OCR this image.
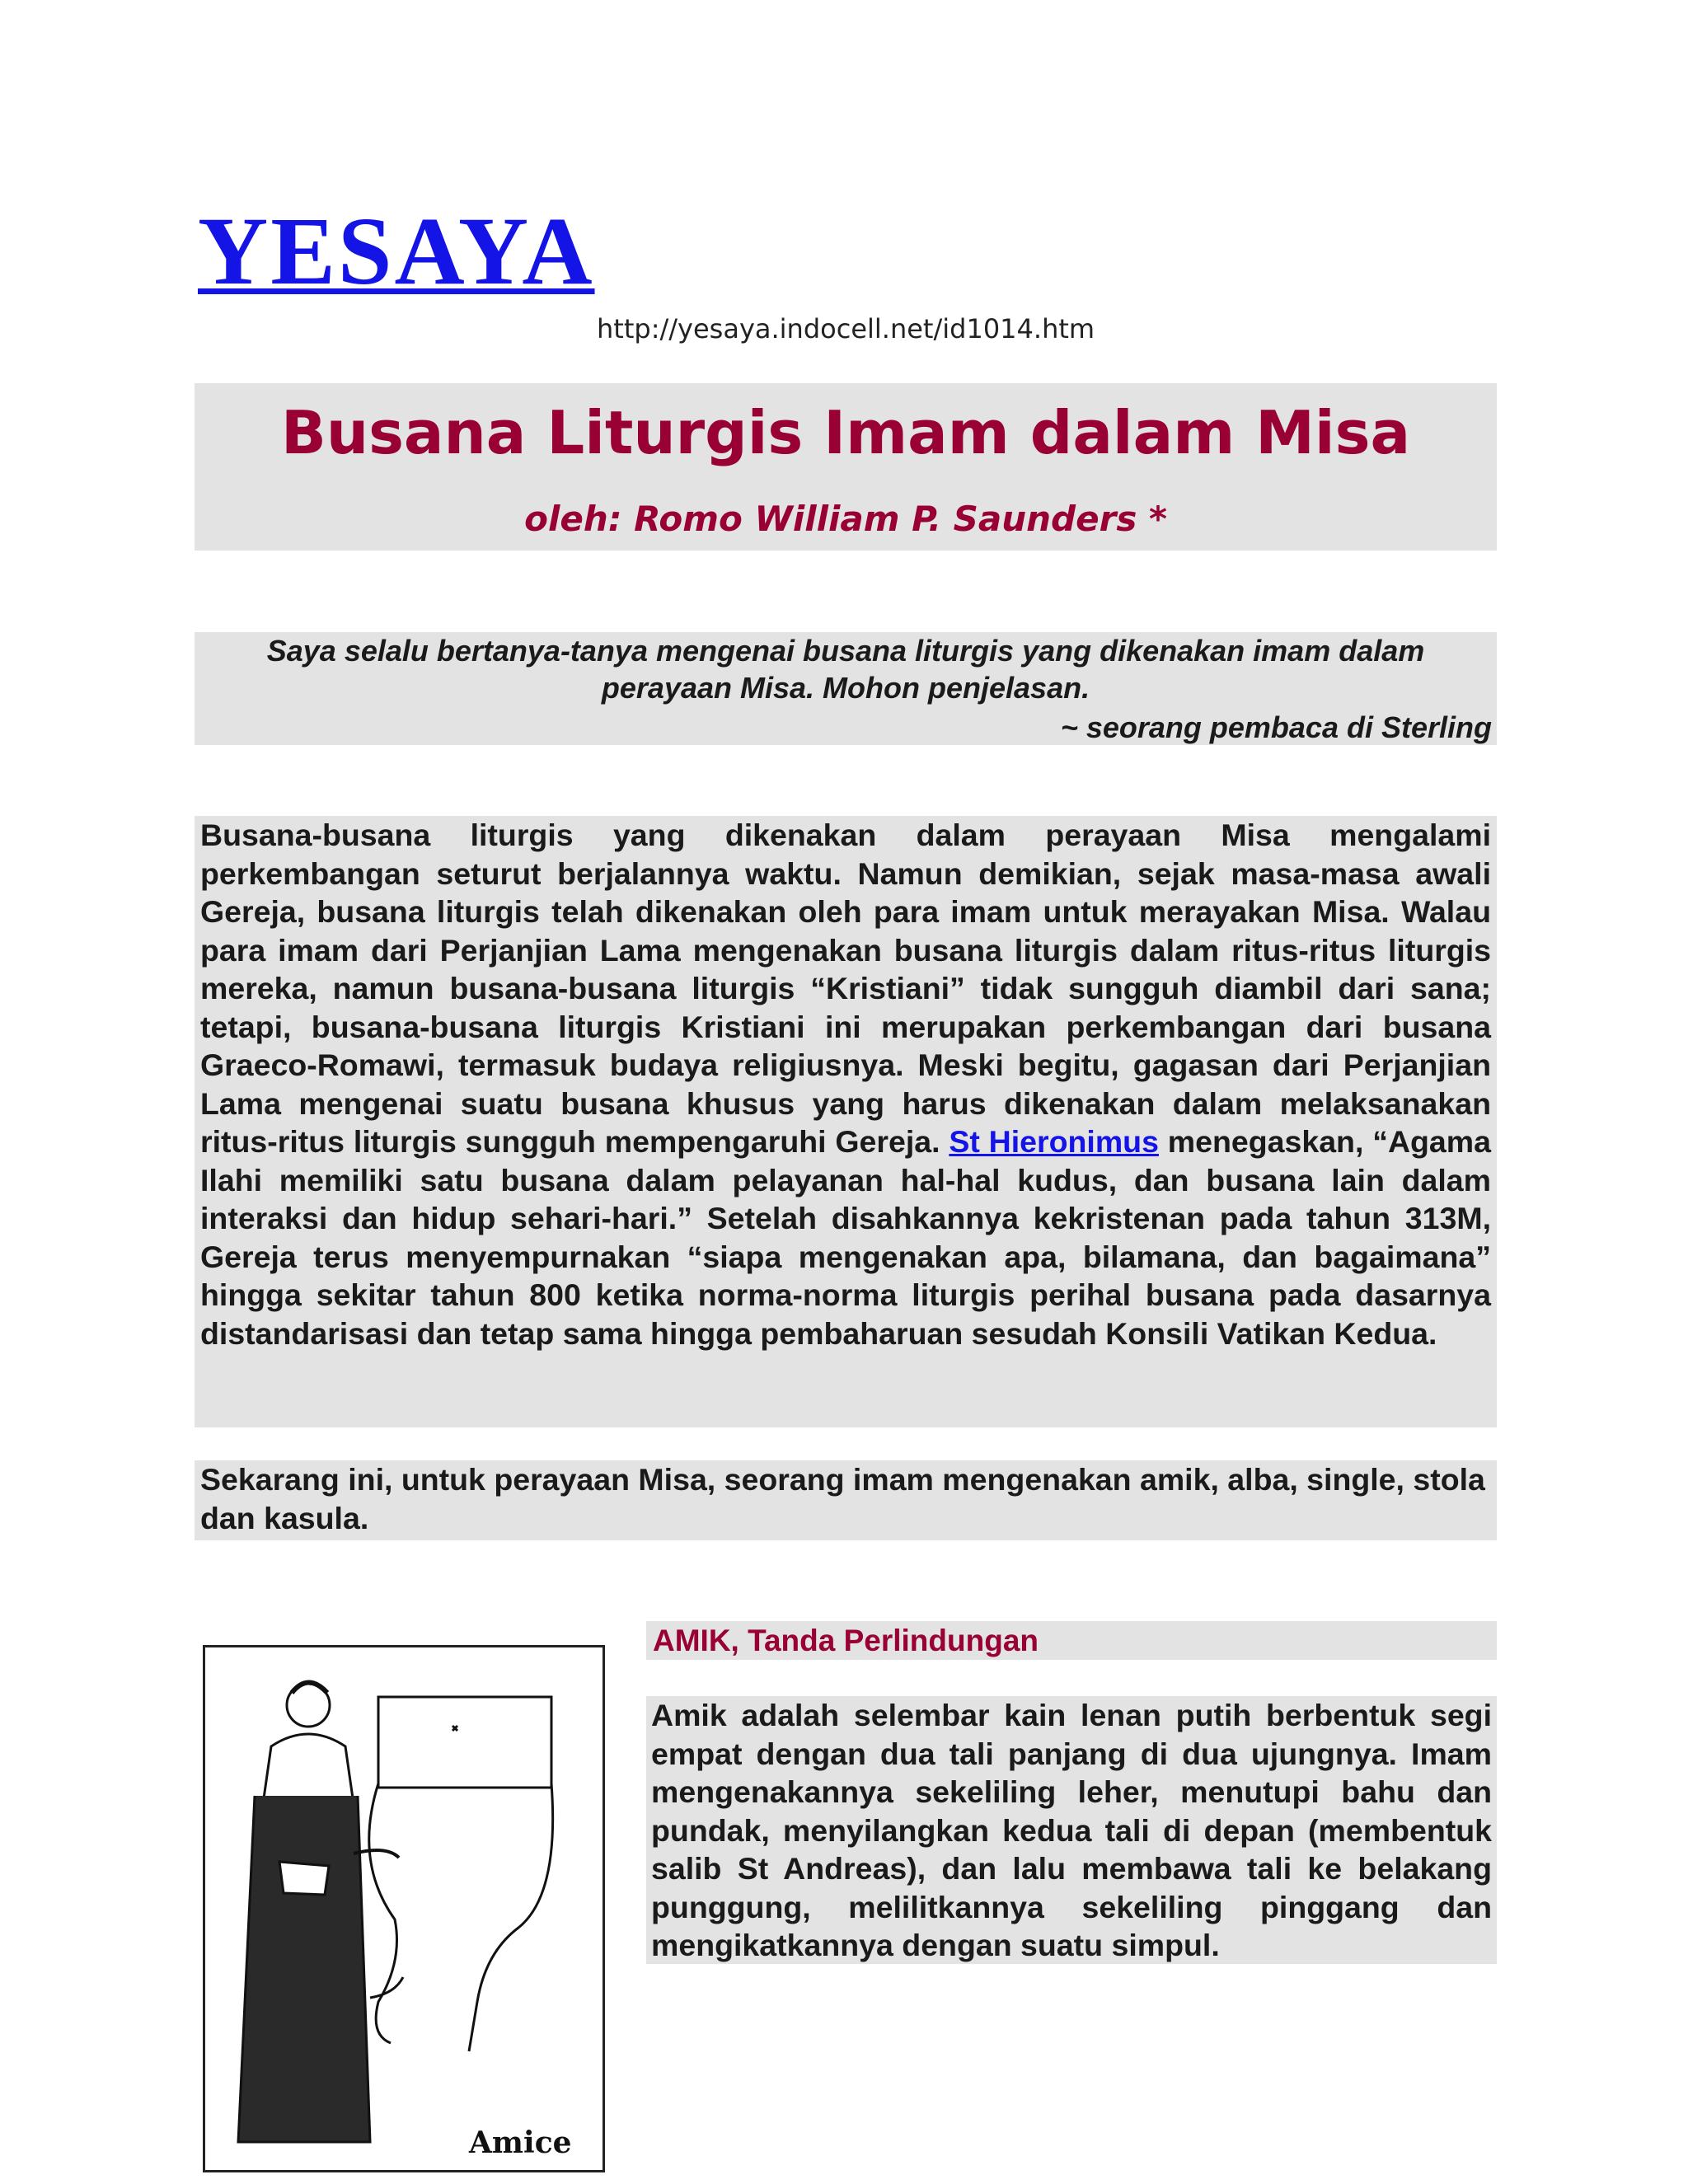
YESAYA
http://yesaya.indocell.net/id1014.htm
Busana Liturgis Imam dalam Misa
oleh: Romo William P. Saunders *
Saya selalu bertanya-tanya mengenai busana liturgis yang dikenakan imam dalam perayaan Misa. Mohon penjelasan.
~ seorang pembaca di Sterling
Busana-busana liturgis yang dikenakan dalam perayaan Misa mengalami perkembangan seturut berjalannya waktu. Namun demikian, sejak masa-masa awali Gereja, busana liturgis telah dikenakan oleh para imam untuk merayakan Misa. Walau para imam dari Perjanjian Lama mengenakan busana liturgis dalam ritus-ritus liturgis mereka, namun busana-busana liturgis “Kristiani” tidak sungguh diambil dari sana; tetapi, busana-busana liturgis Kristiani ini merupakan perkembangan dari busana Graeco-Romawi, termasuk budaya religiusnya. Meski begitu, gagasan dari Perjanjian Lama mengenai suatu busana khusus yang harus dikenakan dalam melaksanakan ritus-ritus liturgis sungguh mempengaruhi Gereja. St Hieronimus menegaskan, “Agama Ilahi memiliki satu busana dalam pelayanan hal-hal kudus, dan busana lain dalam interaksi dan hidup sehari-hari.” Setelah disahkannya kekristenan pada tahun 313M, Gereja terus menyempurnakan “siapa mengenakan apa, bilamana, dan bagaimana” hingga sekitar tahun 800 ketika norma-norma liturgis perihal busana pada dasarnya distandarisasi dan tetap sama hingga pembaharuan sesudah Konsili Vatikan Kedua.
Sekarang ini, untuk perayaan Misa, seorang imam mengenakan amik, alba, single, stola dan kasula.
Amice
AMIK, Tanda Perlindungan
Amik adalah selembar kain lenan putih berbentuk segi empat dengan dua tali panjang di dua ujungnya. Imam mengenakannya sekeliling leher, menutupi bahu dan pundak, menyilangkan kedua tali di depan (membentuk salib St Andreas), dan lalu membawa tali ke belakang punggung, melilitkannya sekeliling pinggang dan mengikatkannya dengan suatu simpul.
